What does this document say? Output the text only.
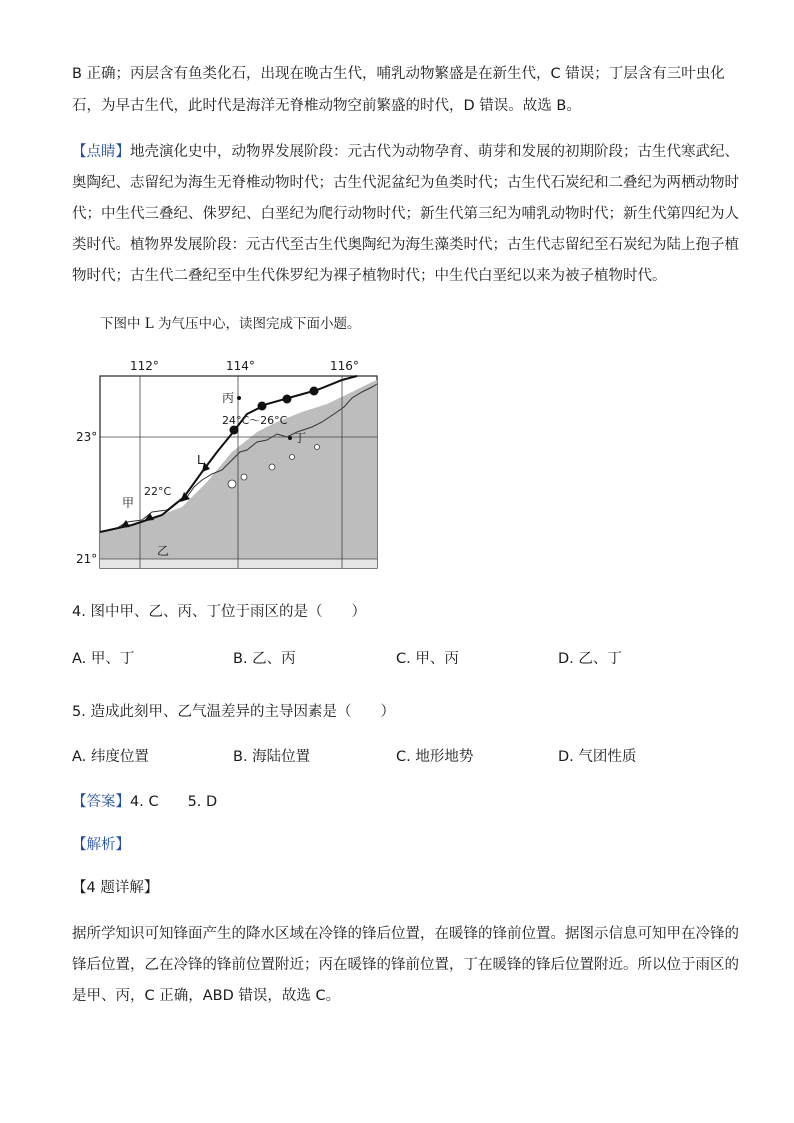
B 正确；丙层含有鱼类化石，出现在晚古生代，哺乳动物繁盛是在新生代，C 错误；丁层含有三叶虫化

石，为早古生代，此时代是海洋无脊椎动物空前繁盛的时代，D 错误。故选 B。

【点睛】地壳演化史中，动物界发展阶段：元古代为动物孕育、萌芽和发展的初期阶段；古生代寒武纪、

奥陶纪、志留纪为海生无脊椎动物时代；古生代泥盆纪为鱼类时代；古生代石炭纪和二叠纪为两栖动物时

代；中生代三叠纪、侏罗纪、白垩纪为爬行动物时代；新生代第三纪为哺乳动物时代；新生代第四纪为人

类时代。植物界发展阶段：元古代至古生代奥陶纪为海生藻类时代；古生代志留纪至石炭纪为陆上孢子植

物时代；古生代二叠纪至中生代侏罗纪为裸子植物时代；中生代白垩纪以来为被子植物时代。

下图中 L 为气压中心，读图完成下面小题。

112°	114°	116°
23°
21°
丙
丁
L
24°C～26°C
22°C
甲
乙

4. 图中甲、乙、丙、丁位于雨区的是（　　）

A. 甲、丁	B. 乙、丙	C. 甲、丙	D. 乙、丁

5. 造成此刻甲、乙气温差异的主导因素是（　　）

A. 纬度位置	B. 海陆位置	C. 地形地势	D. 气团性质

【答案】4. C　　5. D

【解析】

【4 题详解】

据所学知识可知锋面产生的降水区域在冷锋的锋后位置，在暖锋的锋前位置。据图示信息可知甲在冷锋的

锋后位置，乙在冷锋的锋前位置附近；丙在暖锋的锋前位置，丁在暖锋的锋后位置附近。所以位于雨区的

是甲、丙，C 正确，ABD 错误，故选 C。
